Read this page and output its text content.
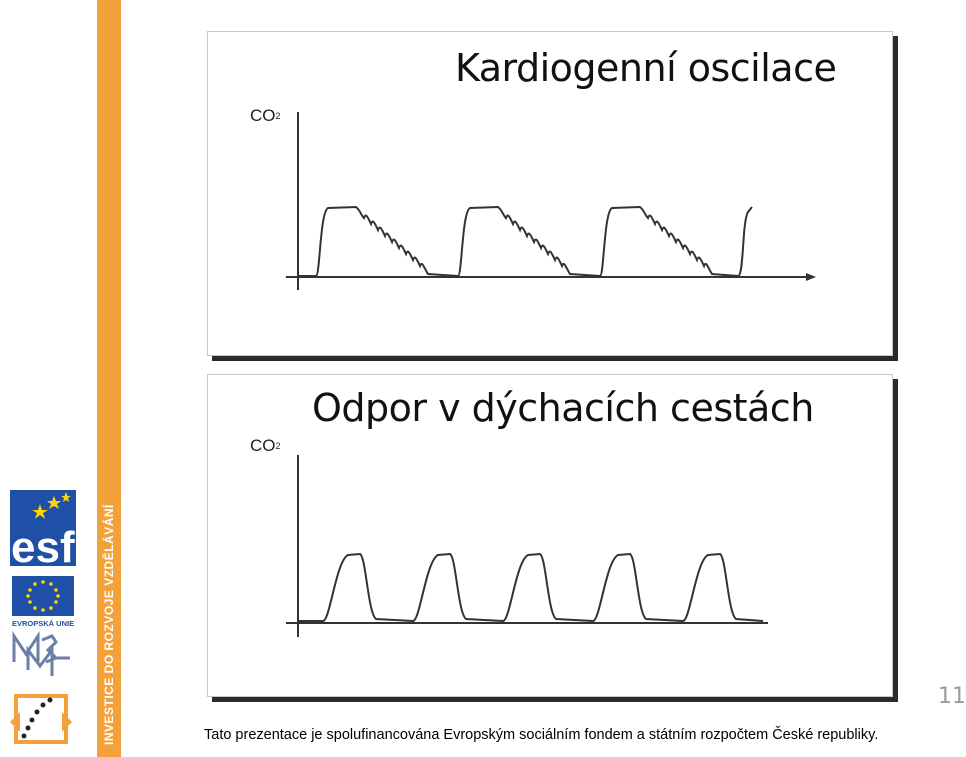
INVESTICE DO ROZVOJE VZDĚLÁVÁNÍ
esf
EVROPSKÁ UNIE
$CO_2$
Kardiogenní oscilace
$CO_2$
Odpor v dýchacích cestách
11
Tato prezentace je spolufinancována Evropským sociálním fondem a státním rozpočtem České republiky.
